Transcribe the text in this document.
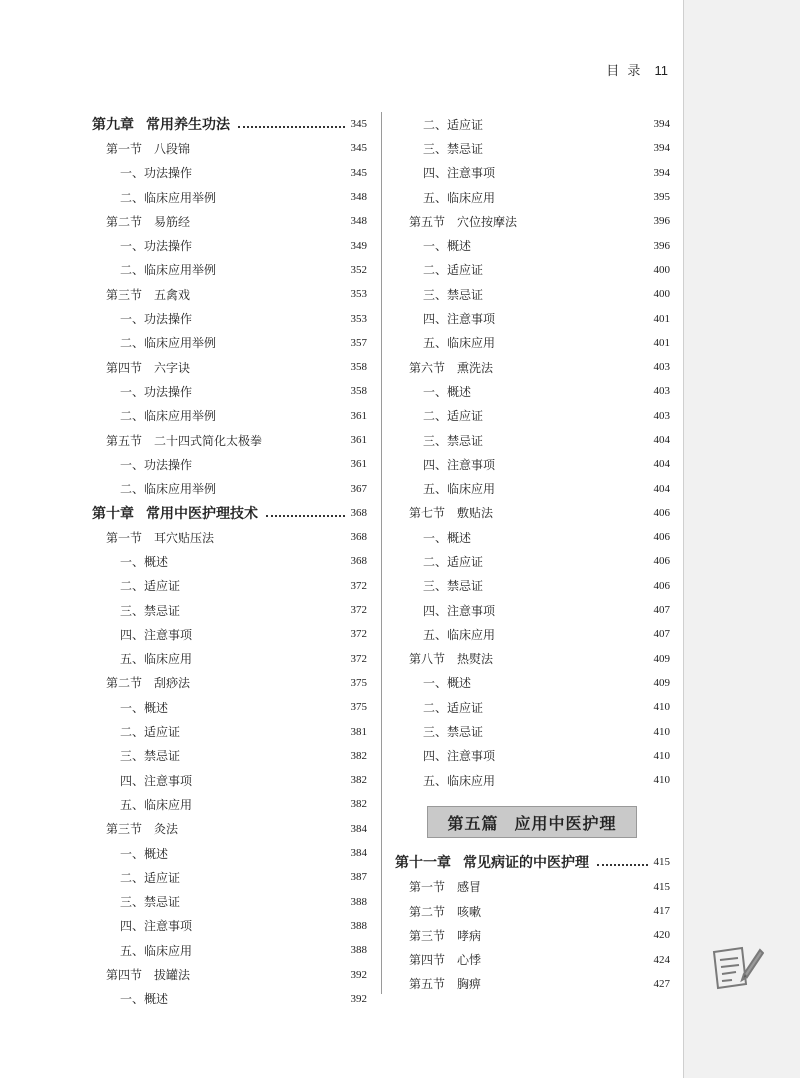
目 录 11
第九章 常用养生功法	345
第一节 八段锦	345
一、功法操作	345
二、临床应用举例	348
第二节 易筋经	348
一、功法操作	349
二、临床应用举例	352
第三节 五禽戏	353
一、功法操作	353
二、临床应用举例	357
第四节 六字诀	358
一、功法操作	358
二、临床应用举例	361
第五节 二十四式简化太极拳	361
一、功法操作	361
二、临床应用举例	367
第十章 常用中医护理技术	368
第一节 耳穴贴压法	368
一、概述	368
二、适应证	372
三、禁忌证	372
四、注意事项	372
五、临床应用	372
第二节 刮痧法	375
一、概述	375
二、适应证	381
三、禁忌证	382
四、注意事项	382
五、临床应用	382
第三节 灸法	384
一、概述	384
二、适应证	387
三、禁忌证	388
四、注意事项	388
五、临床应用	388
第四节 拔罐法	392
一、概述	392
二、适应证	394
三、禁忌证	394
四、注意事项	394
五、临床应用	395
第五节 穴位按摩法	396
一、概述	396
二、适应证	400
三、禁忌证	400
四、注意事项	401
五、临床应用	401
第六节 熏洗法	403
一、概述	403
二、适应证	403
三、禁忌证	404
四、注意事项	404
五、临床应用	404
第七节 敷贴法	406
一、概述	406
二、适应证	406
三、禁忌证	406
四、注意事项	407
五、临床应用	407
第八节 热熨法	409
一、概述	409
二、适应证	410
三、禁忌证	410
四、注意事项	410
五、临床应用	410
第五篇 应用中医护理
第十一章 常见病证的中医护理	415
第一节 感冒	415
第二节 咳嗽	417
第三节 哮病	420
第四节 心悸	424
第五节 胸痹	427
